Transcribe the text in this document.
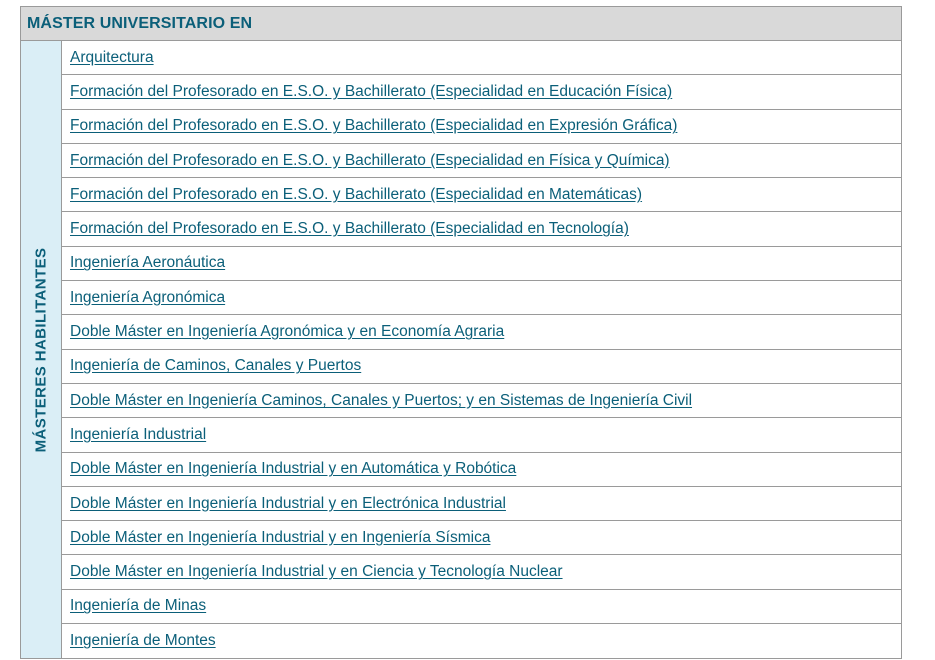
MÁSTER UNIVERSITARIO EN
MÁSTERES HABILITANTES
Arquitectura
Formación del Profesorado en E.S.O. y Bachillerato (Especialidad en Educación Física)
Formación del Profesorado en E.S.O. y Bachillerato (Especialidad en Expresión Gráfica)
Formación del Profesorado en E.S.O. y Bachillerato (Especialidad en Física y Química)
Formación del Profesorado en E.S.O. y Bachillerato (Especialidad en Matemáticas)
Formación del Profesorado en E.S.O. y Bachillerato (Especialidad en Tecnología)
Ingeniería Aeronáutica
Ingeniería Agronómica
Doble Máster en Ingeniería Agronómica y en Economía Agraria
Ingeniería de Caminos, Canales y Puertos
Doble Máster en Ingeniería Caminos, Canales y Puertos; y en Sistemas de Ingeniería Civil
Ingeniería Industrial
Doble Máster en Ingeniería Industrial y en Automática y Robótica
Doble Máster en Ingeniería Industrial y en Electrónica Industrial
Doble Máster en Ingeniería Industrial y en Ingeniería Sísmica
Doble Máster en Ingeniería Industrial y en Ciencia y Tecnología Nuclear
Ingeniería de Minas
Ingeniería de Montes
